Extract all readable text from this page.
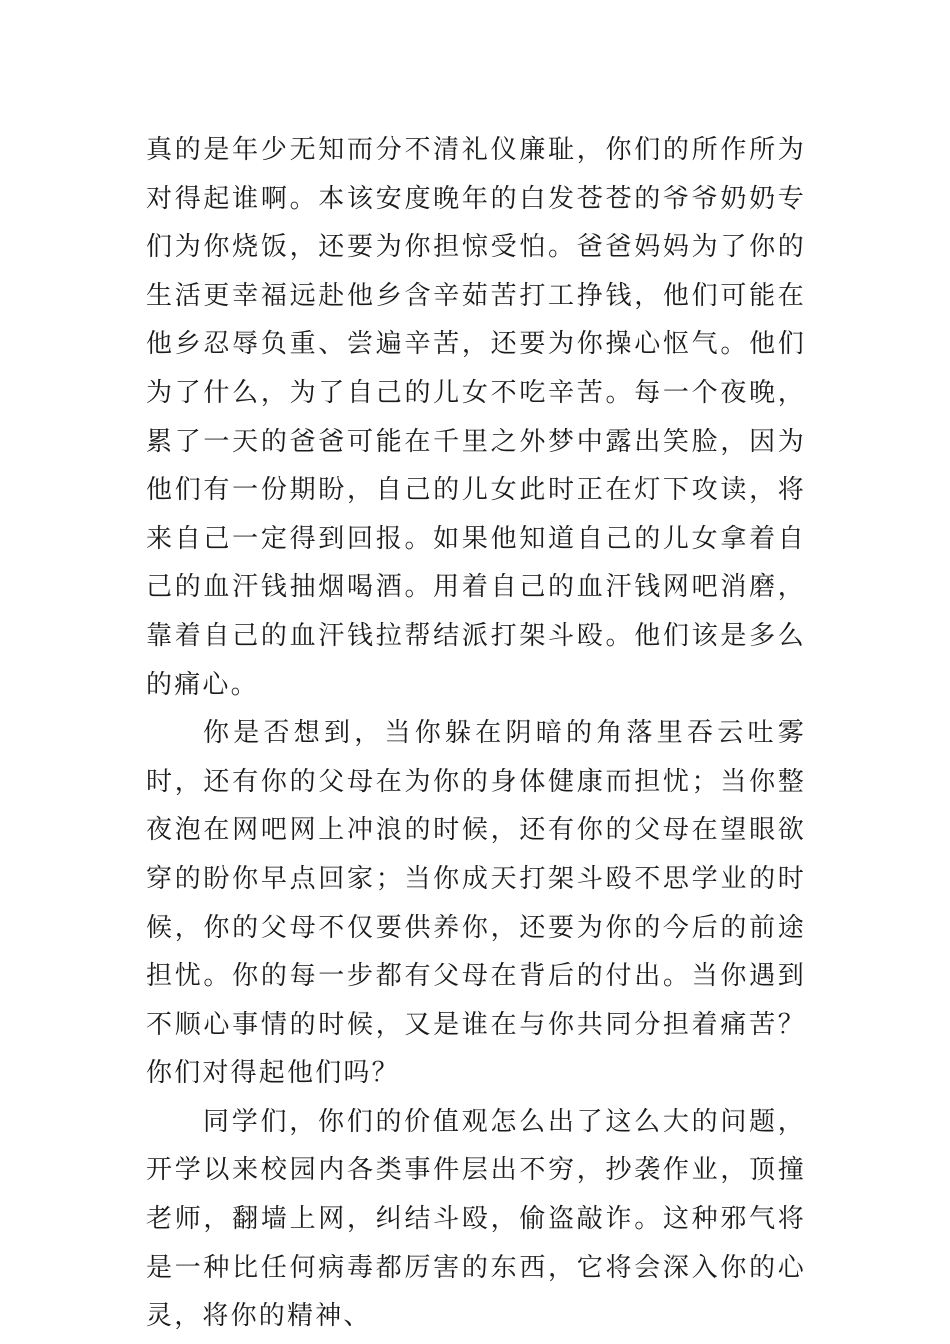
真的是年少无知而分不清礼仪廉耻，你们的所作所为对得起谁啊。本该安度晚年的白发苍苍的爷爷奶奶专们为你烧饭，还要为你担惊受怕。爸爸妈妈为了你的生活更幸福远赴他乡含辛茹苦打工挣钱，他们可能在他乡忍辱负重、尝遍辛苦，还要为你操心怄气。他们为了什么，为了自己的儿女不吃辛苦。每一个夜晚，累了一天的爸爸可能在千里之外梦中露出笑脸，因为他们有一份期盼，自己的儿女此时正在灯下攻读，将来自己一定得到回报。如果他知道自己的儿女拿着自己的血汗钱抽烟喝酒。用着自己的血汗钱网吧消磨，靠着自己的血汗钱拉帮结派打架斗殴。他们该是多么的痛心。

你是否想到，当你躲在阴暗的角落里吞云吐雾时，还有你的父母在为你的身体健康而担忧；当你整夜泡在网吧网上冲浪的时候，还有你的父母在望眼欲穿的盼你早点回家；当你成天打架斗殴不思学业的时候，你的父母不仅要供养你，还要为你的今后的前途担忧。你的每一步都有父母在背后的付出。当你遇到不顺心事情的时候，又是谁在与你共同分担着痛苦？你们对得起他们吗？

同学们，你们的价值观怎么出了这么大的问题，开学以来校园内各类事件层出不穷，抄袭作业，顶撞老师，翻墙上网，纠结斗殴，偷盗敲诈。这种邪气将是一种比任何病毒都厉害的东西，它将会深入你的心灵，将你的精神、
